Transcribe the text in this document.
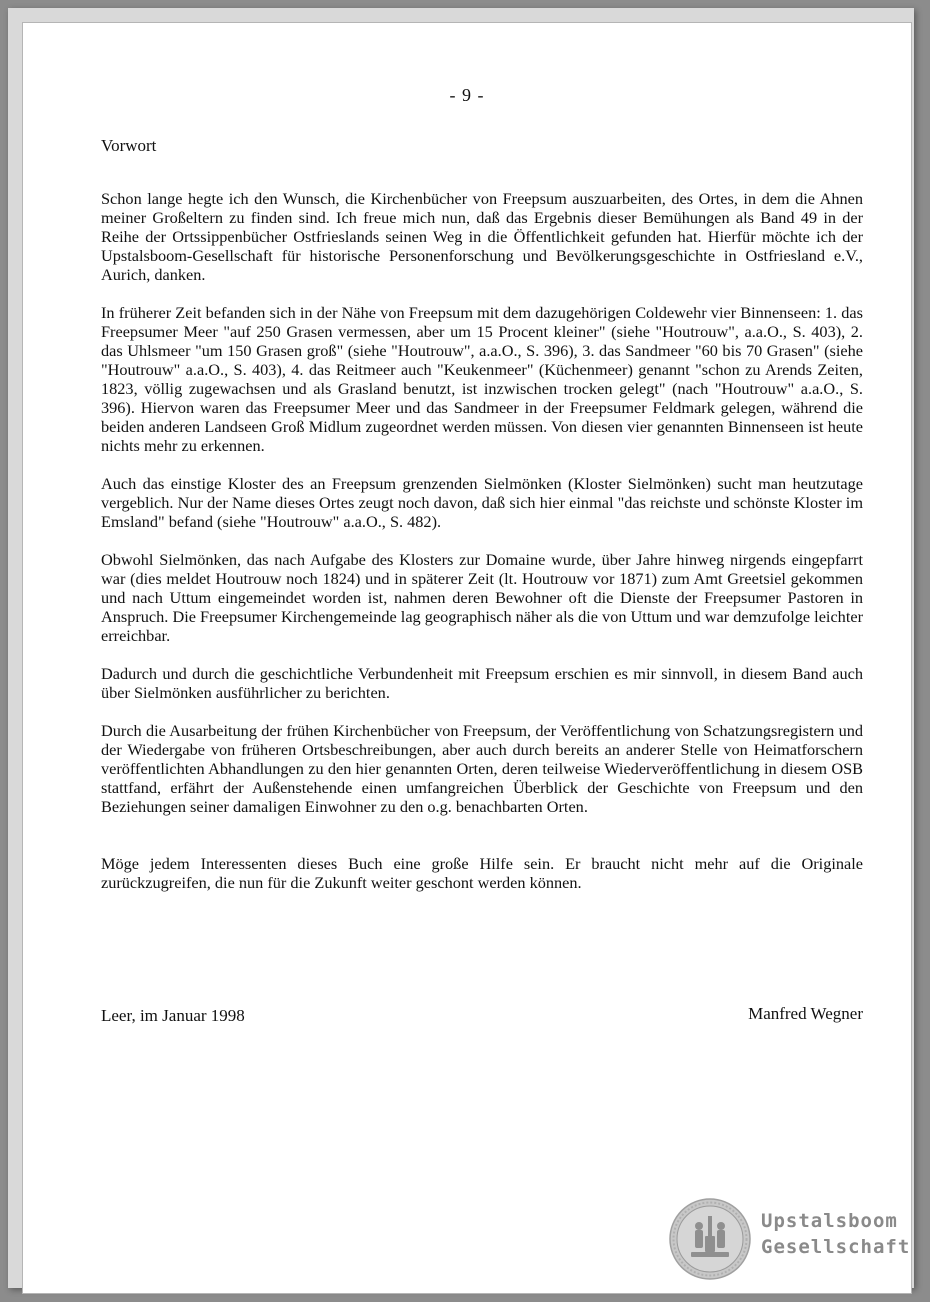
- 9 -
Vorwort

Schon lange hegte ich den Wunsch, die Kirchenbücher von Freepsum auszuarbeiten, des Ortes, in dem die Ahnen meiner Großeltern zu finden sind. Ich freue mich nun, daß das Ergebnis dieser Bemühungen als Band 49 in der Reihe der Ortssippenbücher Ostfrieslands seinen Weg in die Öffentlichkeit gefunden hat. Hierfür möchte ich der Upstalsboom-Gesellschaft für historische Personenforschung und Bevölkerungsgeschichte in Ostfriesland e.V., Aurich, danken.

In früherer Zeit befanden sich in der Nähe von Freepsum mit dem dazugehörigen Coldewehr vier Binnenseen: 1. das Freepsumer Meer "auf 250 Grasen vermessen, aber um 15 Procent kleiner" (siehe "Houtrouw", a.a.O., S. 403), 2. das Uhlsmeer "um 150 Grasen groß" (siehe "Houtrouw", a.a.O., S. 396), 3. das Sandmeer "60 bis 70 Grasen" (siehe "Houtrouw" a.a.O., S. 403), 4. das Reitmeer auch "Keukenmeer" (Küchenmeer) genannt "schon zu Arends Zeiten, 1823, völlig zugewachsen und als Grasland benutzt, ist inzwischen trocken gelegt" (nach "Houtrouw" a.a.O., S. 396). Hiervon waren das Freepsumer Meer und das Sandmeer in der Freepsumer Feldmark gelegen, während die beiden anderen Landseen Groß Midlum zugeordnet werden müssen. Von diesen vier genannten Binnenseen ist heute nichts mehr zu erkennen.

Auch das einstige Kloster des an Freepsum grenzenden Sielmönken (Kloster Sielmönken) sucht man heutzutage vergeblich. Nur der Name dieses Ortes zeugt noch davon, daß sich hier einmal "das reichste und schönste Kloster im Emsland" befand (siehe "Houtrouw" a.a.O., S. 482).

Obwohl Sielmönken, das nach Aufgabe des Klosters zur Domaine wurde, über Jahre hinweg nirgends eingepfarrt war (dies meldet Houtrouw noch 1824) und in späterer Zeit (lt. Houtrouw vor 1871) zum Amt Greetsiel gekommen und nach Uttum eingemeindet worden ist, nahmen deren Bewohner oft die Dienste der Freepsumer Pastoren in Anspruch. Die Freepsumer Kirchengemeinde lag geographisch näher als die von Uttum und war demzufolge leichter erreichbar.

Dadurch und durch die geschichtliche Verbundenheit mit Freepsum erschien es mir sinnvoll, in diesem Band auch über Sielmönken ausführlicher zu berichten.

Durch die Ausarbeitung der frühen Kirchenbücher von Freepsum, der Veröffentlichung von Schatzungsregistern und der Wiedergabe von früheren Ortsbeschreibungen, aber auch durch bereits an anderer Stelle von Heimatforschern veröffentlichten Abhandlungen zu den hier genannten Orten, deren teilweise Wiederveröffentlichung in diesem OSB stattfand, erfährt der Außenstehende einen umfangreichen Überblick der Geschichte von Freepsum und den Beziehungen seiner damaligen Einwohner zu den o.g. benachbarten Orten.

Möge jedem Interessenten dieses Buch eine große Hilfe sein. Er braucht nicht mehr auf die Originale zurückzugreifen, die nun für die Zukunft weiter geschont werden können.

Leer, im Januar 1998	Manfred Wegner
Upstalsboom
Gesellschaft
